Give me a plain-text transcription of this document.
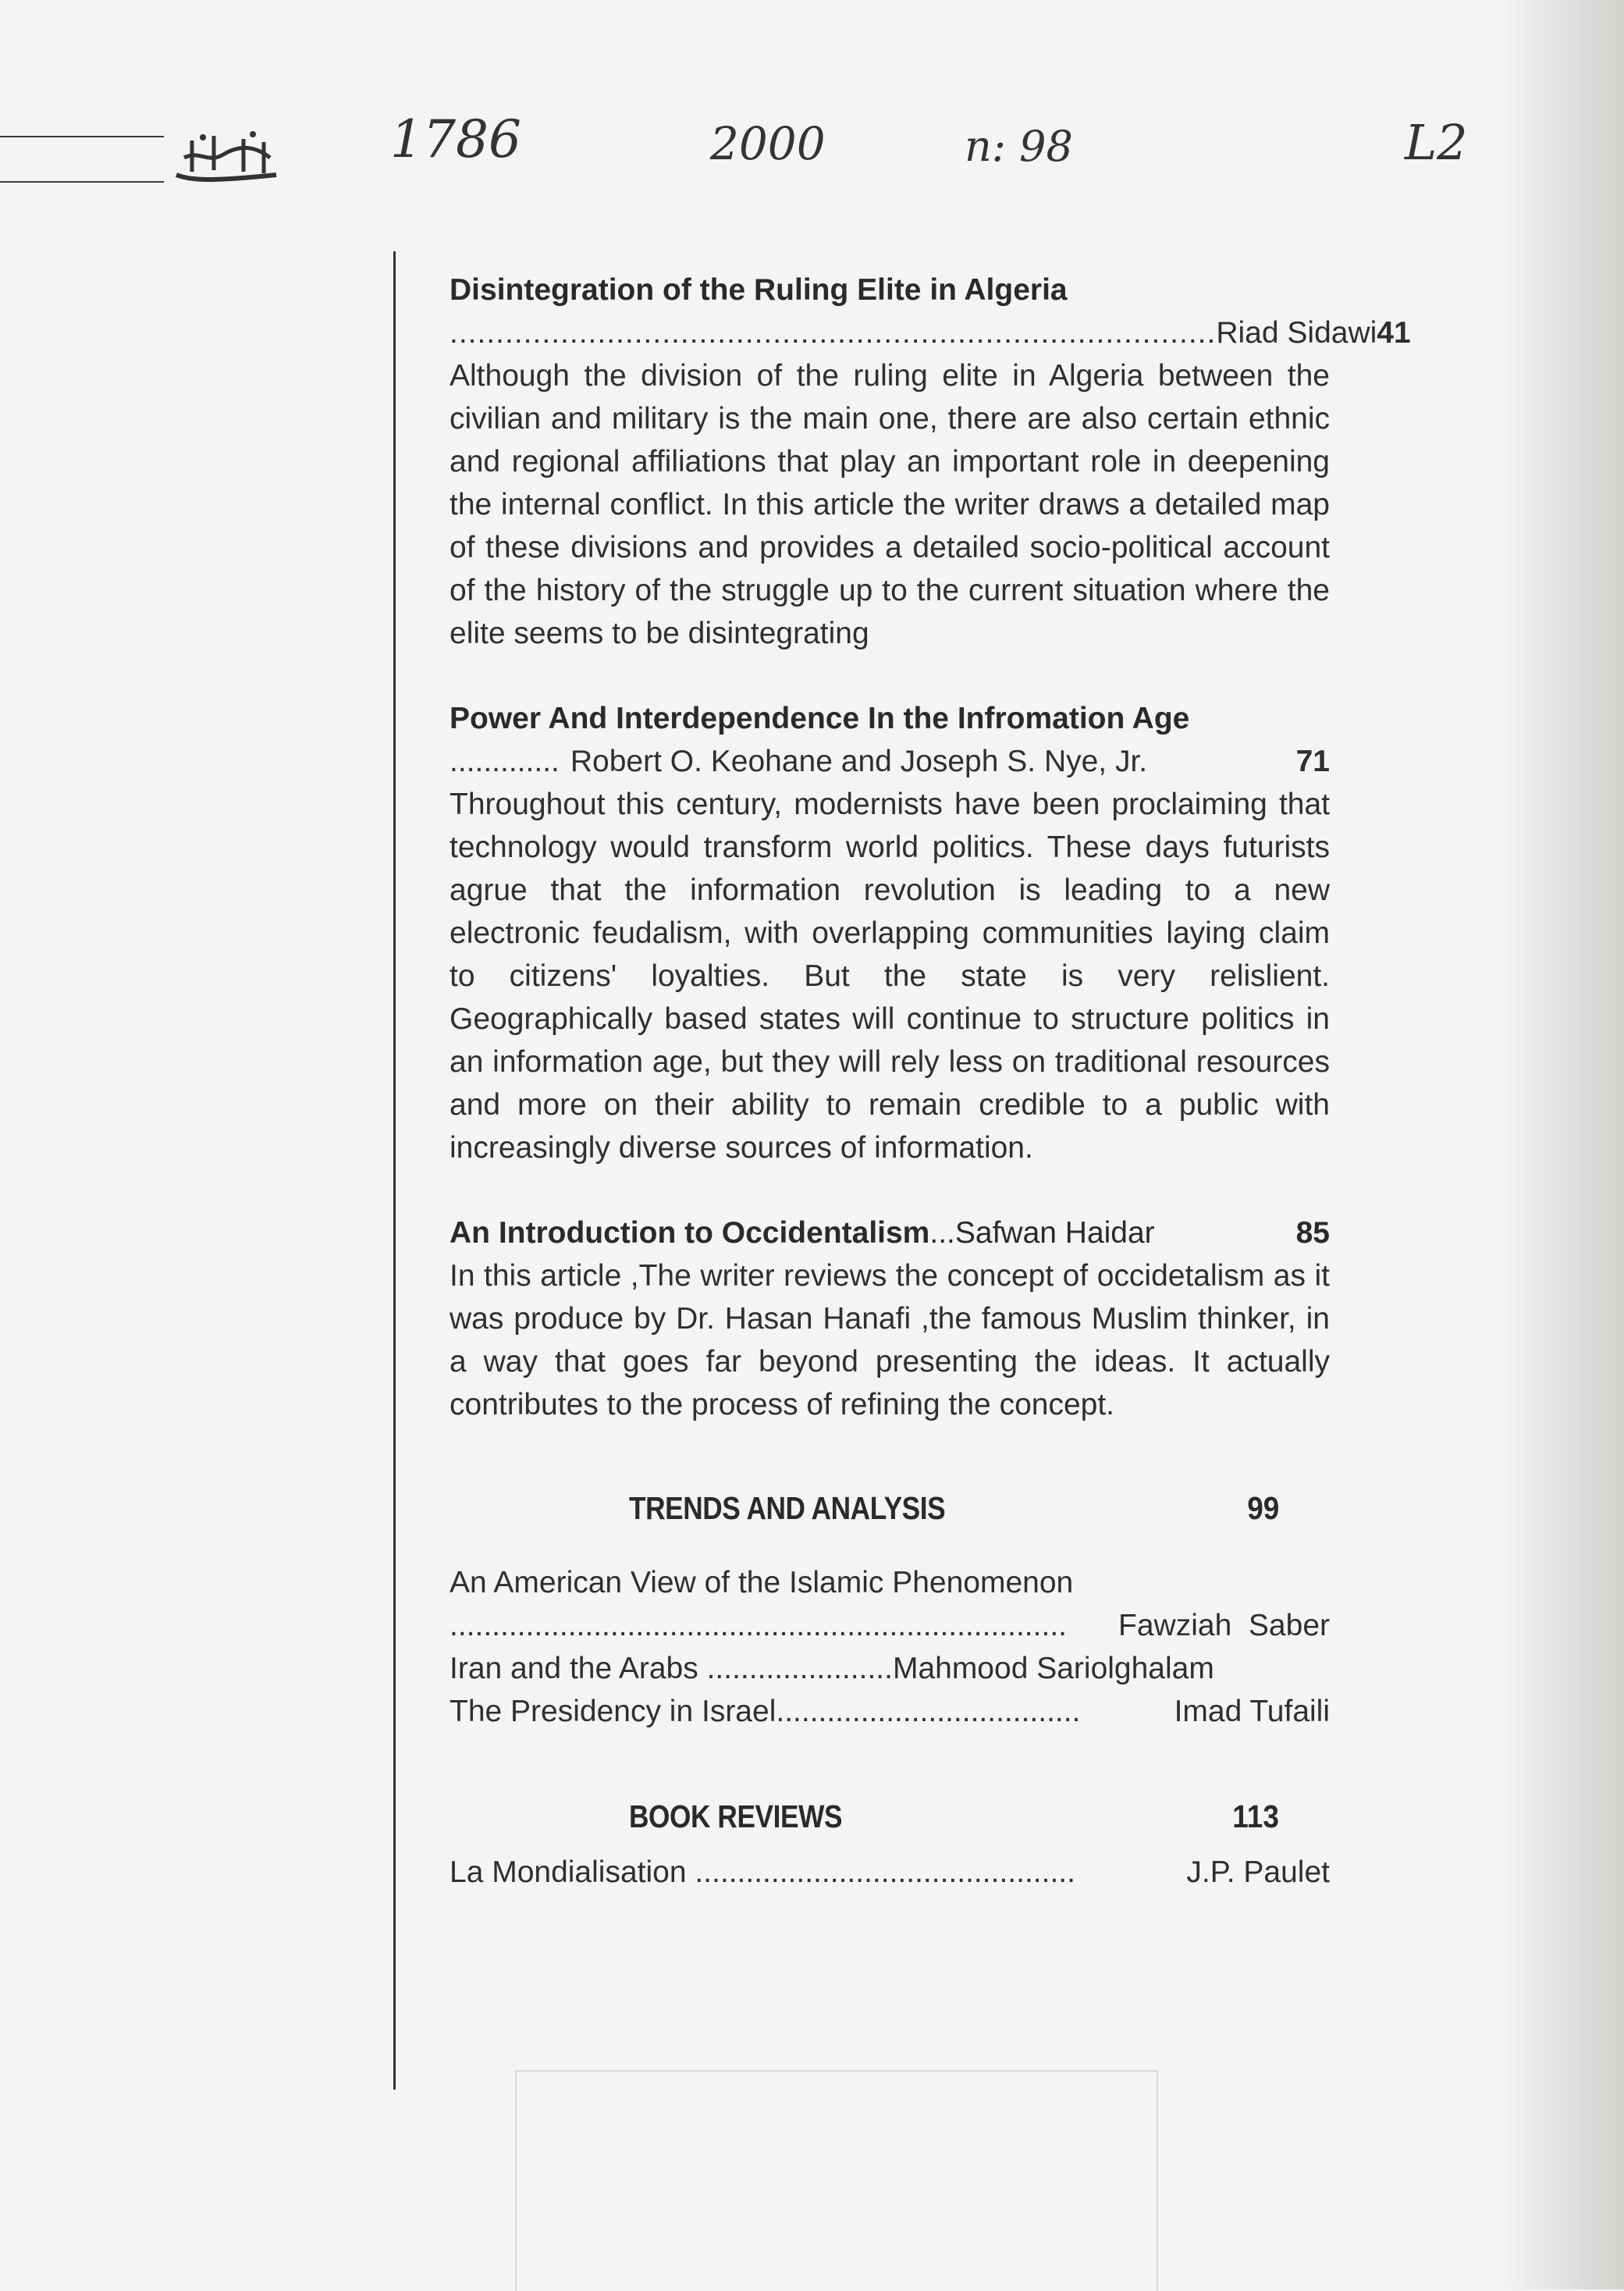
1786	2000	n: 98	L2
Disintegration of the Ruling Elite in Algeria
................................................................................... Riad Sidawi 41
Although the division of the ruling elite in Algeria between the civilian and military is the main one, there are also certain ethnic and regional affiliations that play an important role in deepening the internal conflict. In this article the writer draws a detailed map of these divisions and provides a detailed socio-political account of the history of the struggle up to the current situation where the elite seems to be disintegrating
Power And Interdependence In the Infromation Age
............. Robert O. Keohane and Joseph S. Nye, Jr.	71
Throughout this century, modernists have been proclaiming that technology would transform world politics. These days futurists agrue that the information revolution is leading to a new electronic feudalism, with overlapping communities laying claim to citizens' loyalties. But the state is very relislient. Geographically based states will continue to structure politics in an information age, but they will rely less on traditional resources and more on their ability to remain credible to a public with increasingly diverse sources of information.
An Introduction to Occidentalism ...Safwan Haidar	85
In this article ,The writer reviews the concept of occidetalism as it was produce by Dr. Hasan Hanafi ,the famous Muslim thinker, in a way that goes far beyond presenting the ideas. It actually contributes to the process of refining the concept.
TRENDS AND ANALYSIS	99
An American View of the Islamic Phenomenon
.........................................................................	Fawziah  Saber
Iran and the Arabs ...................... Mahmood Sariolghalam
The Presidency in Israel ....................................	Imad Tufaili
BOOK REVIEWS	113
La Mondialisation .............................................	J.P. Paulet
